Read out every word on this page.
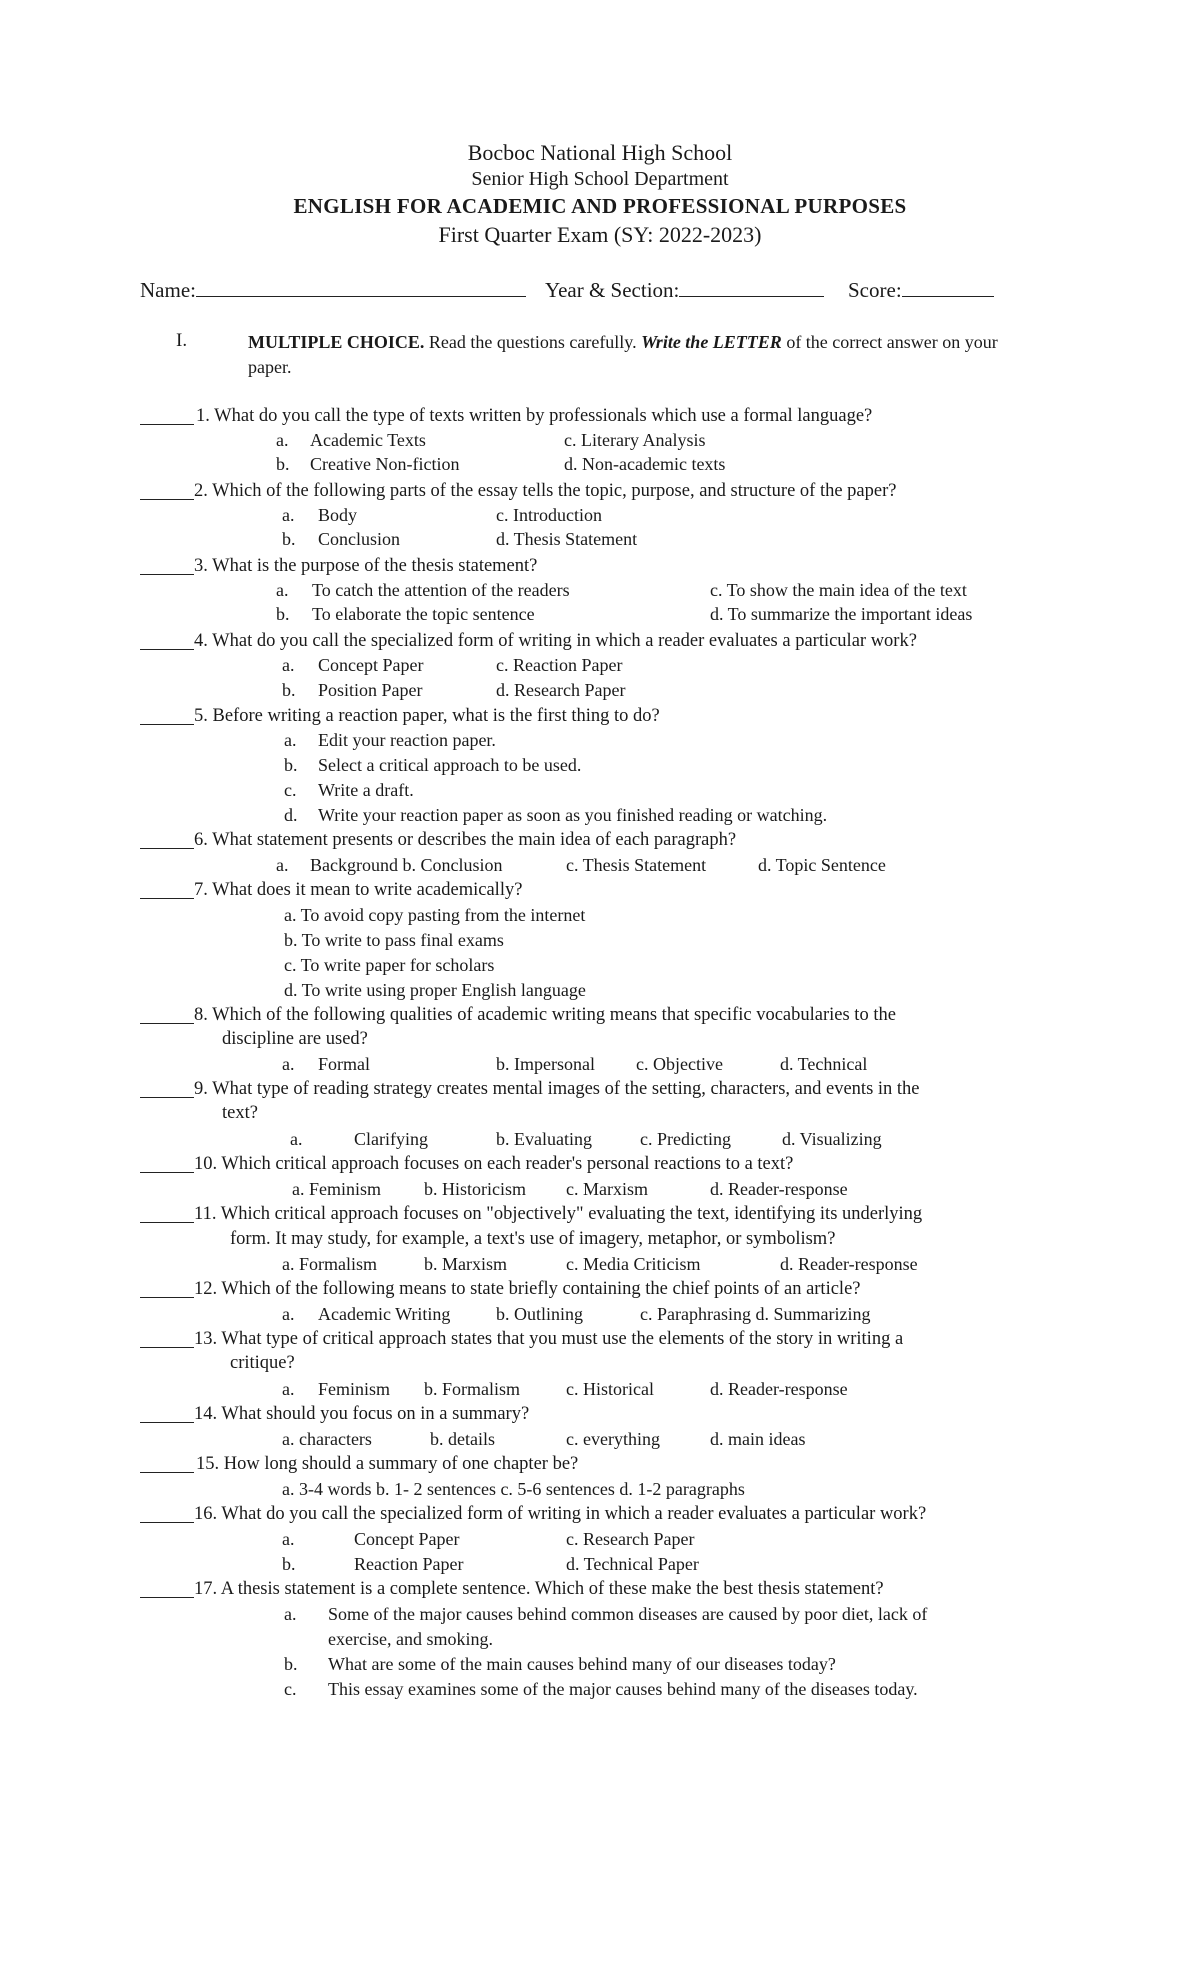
Bocboc National High School
Senior High School Department
ENGLISH FOR ACADEMIC AND PROFESSIONAL PURPOSES
First Quarter Exam (SY: 2022-2023)
Name:	Year & Section:	Score:
I.	MULTIPLE CHOICE. Read the questions carefully. Write the LETTER of the correct answer on your paper.
1. What do you call the type of texts written by professionals which use a formal language?
a. Academic Texts	c. Literary Analysis
b. Creative Non-fiction	d. Non-academic texts
2. Which of the following parts of the essay tells the topic, purpose, and structure of the paper?
a. Body	c. Introduction
b. Conclusion	d. Thesis Statement
3. What is the purpose of the thesis statement?
a. To catch the attention of the readers	c. To show the main idea of the text
b. To elaborate the topic sentence	d. To summarize the important ideas
4. What do you call the specialized form of writing in which a reader evaluates a particular work?
a. Concept Paper	c. Reaction Paper
b. Position Paper	d. Research Paper
5. Before writing a reaction paper, what is the first thing to do?
a. Edit your reaction paper.
b. Select a critical approach to be used.
c. Write a draft.
d. Write your reaction paper as soon as you finished reading or watching.
6. What statement presents or describes the main idea of each paragraph?
a. Background b. Conclusion	c. Thesis Statement	d. Topic Sentence
7. What does it mean to write academically?
a. To avoid copy pasting from the internet
b. To write to pass final exams
c. To write paper for scholars
d. To write using proper English language
8. Which of the following qualities of academic writing means that specific vocabularies to the
discipline are used?
a. Formal	b. Impersonal c. Objective	d. Technical
9. What type of reading strategy creates mental images of the setting, characters, and events in the
text?
a.	Clarifying	b. Evaluating	c. Predicting	d. Visualizing
10. Which critical approach focuses on each reader's personal reactions to a text?
a. Feminism b. Historicism c. Marxism	d. Reader-response
11. Which critical approach focuses on "objectively" evaluating the text, identifying its underlying
form. It may study, for example, a text's use of imagery, metaphor, or symbolism?
a. Formalism	b. Marxism	c. Media Criticism	d. Reader-response
12. Which of the following means to state briefly containing the chief points of an article?
a. Academic Writing	b. Outlining	c. Paraphrasing d. Summarizing
13. What type of critical approach states that you must use the elements of the story in writing a
critique?
a. Feminism b. Formalism	c. Historical	d. Reader-response
14. What should you focus on in a summary?
a. characters	b. details	c. everything	d. main ideas
15. How long should a summary of one chapter be?
a. 3-4 words b. 1- 2 sentences c. 5-6 sentences d. 1-2 paragraphs
16. What do you call the specialized form of writing in which a reader evaluates a particular work?
a.	Concept Paper	c. Research Paper
b.	Reaction Paper	d. Technical Paper
17. A thesis statement is a complete sentence. Which of these make the best thesis statement?
a. Some of the major causes behind common diseases are caused by poor diet, lack of
exercise, and smoking.
b. What are some of the main causes behind many of our diseases today?
c. This essay examines some of the major causes behind many of the diseases today.
